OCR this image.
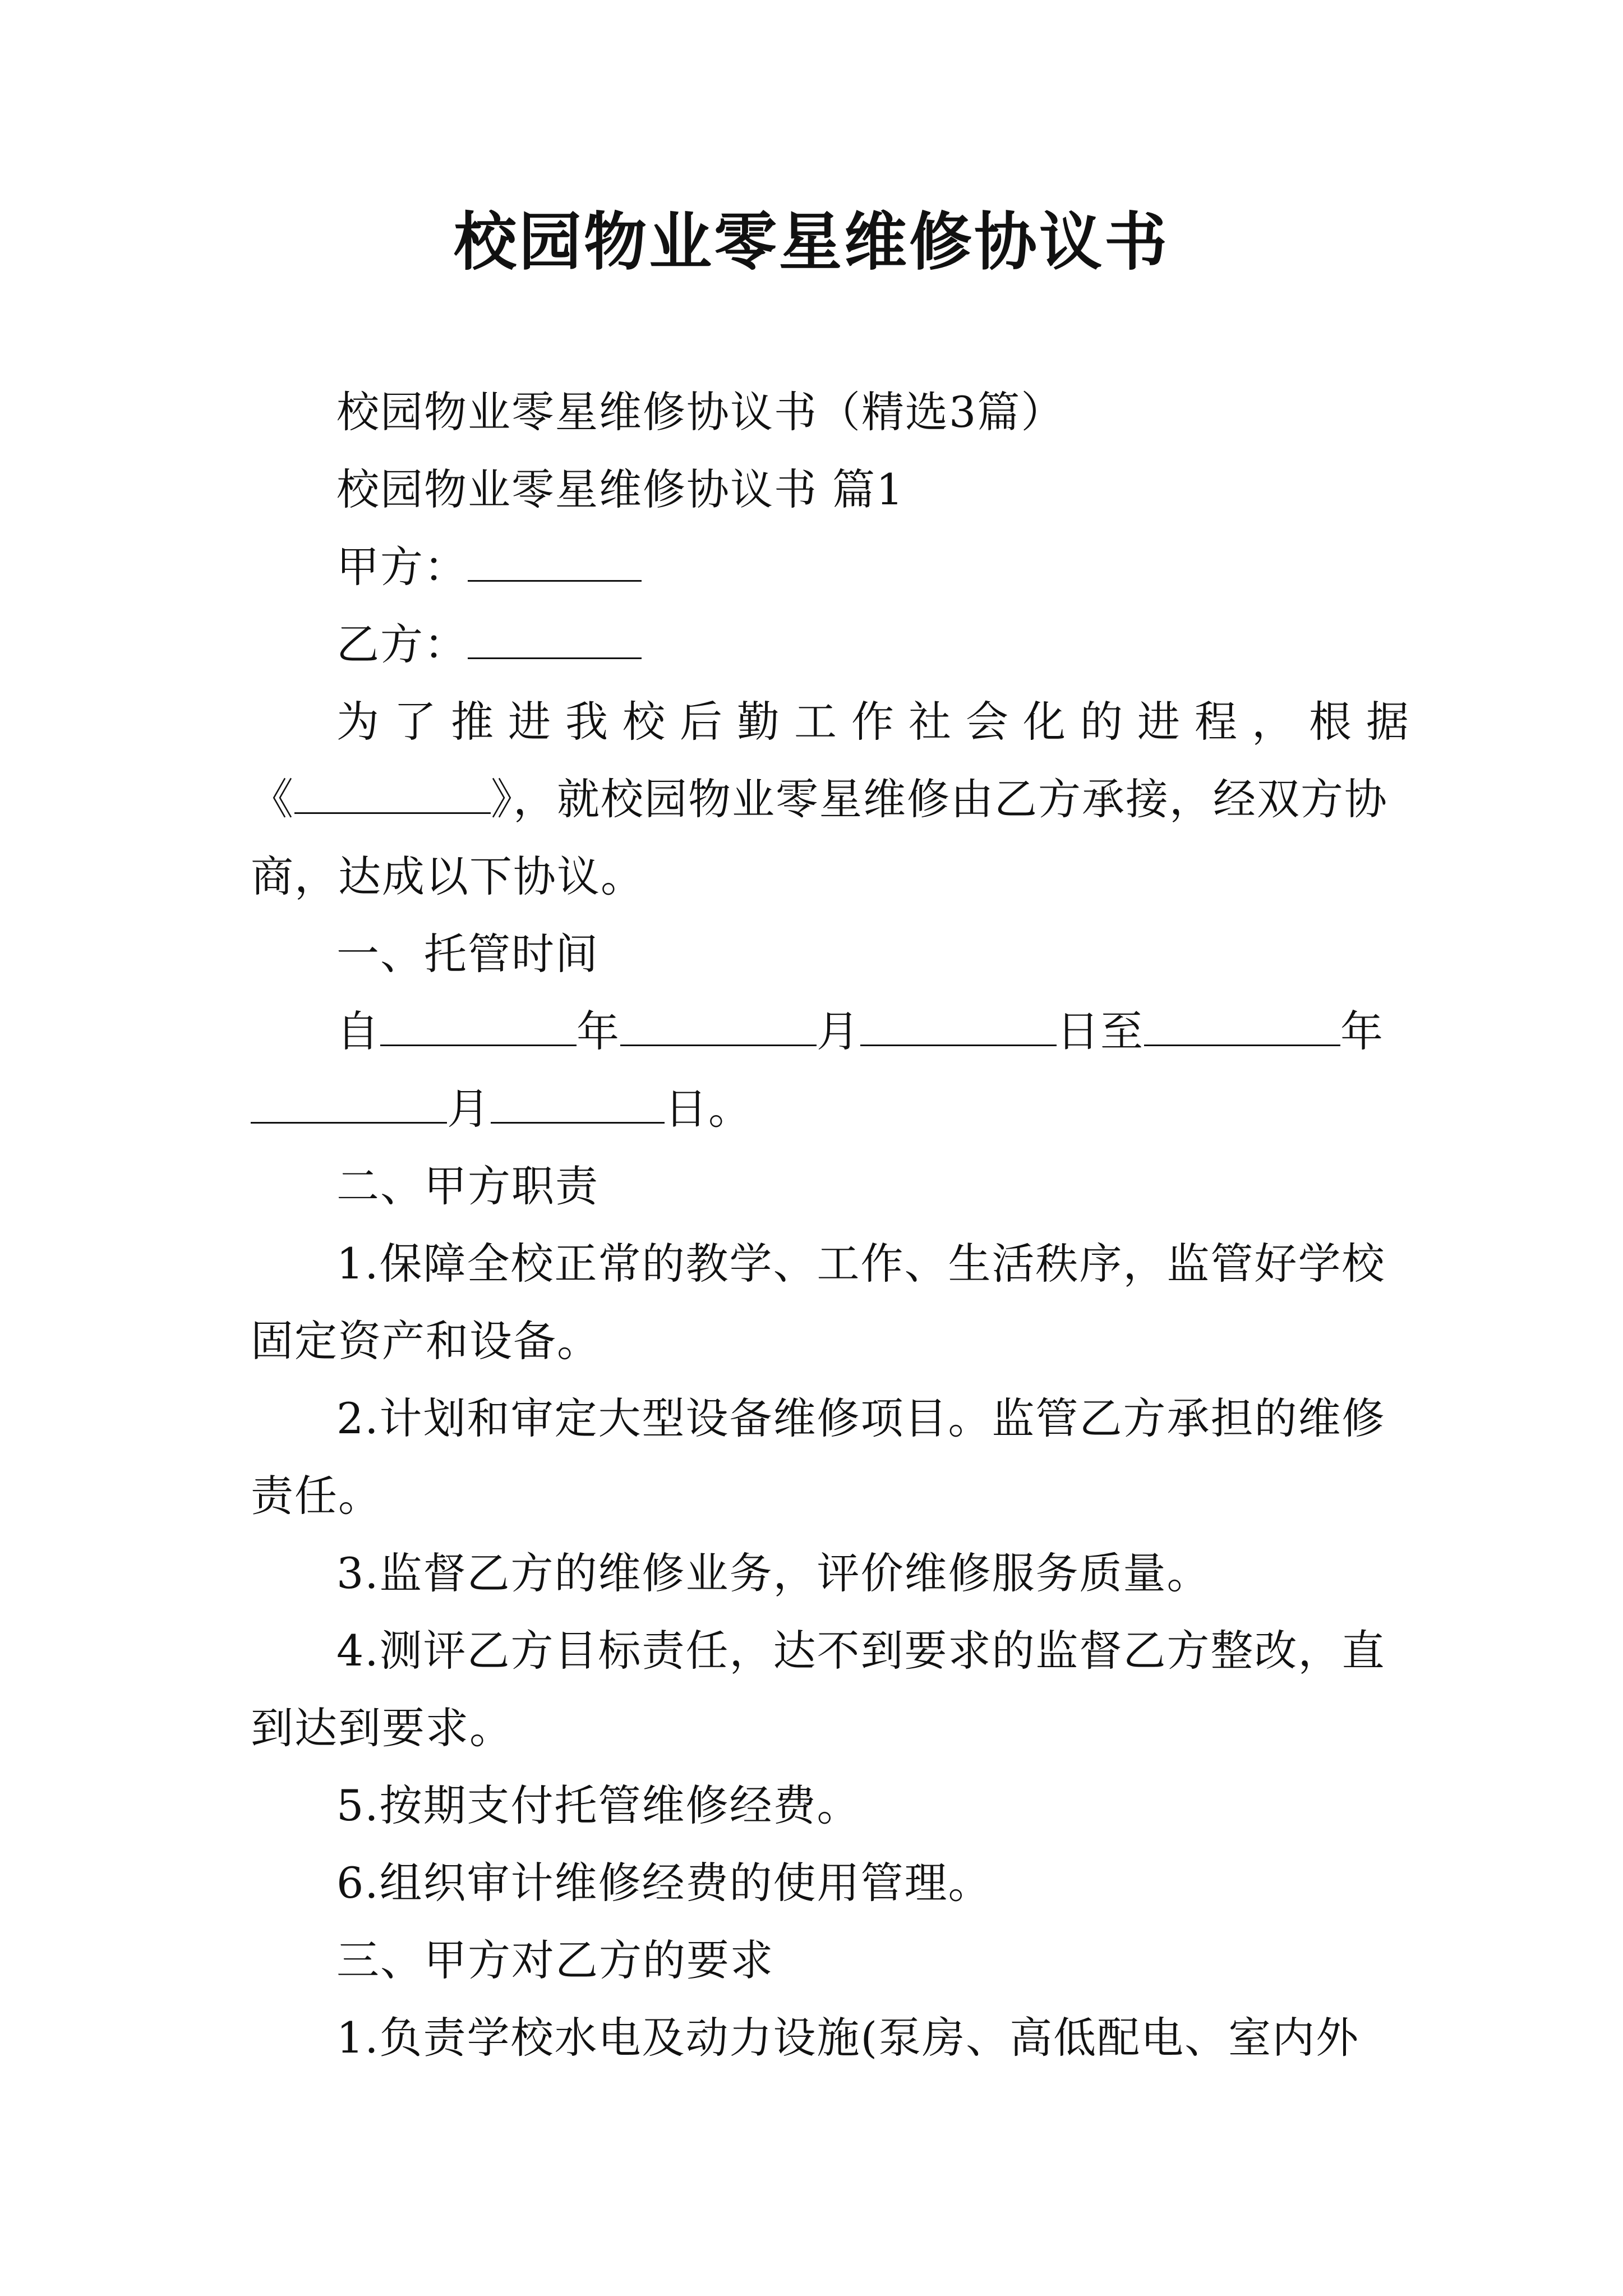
校园物业零星维修协议书
校园物业零星维修协议书（精选3篇）
校园物业零星维修协议书 篇1
甲方：
乙方：
为了推进我校后勤工作社会化的进程，根据
《	》，就校园物业零星维修由乙方承接，经双方协
商，达成以下协议。
一、托管时间
自	年	月	日至	年
月	日。
二、甲方职责
1.保障全校正常的教学、工作、生活秩序，监管好学校
固定资产和设备。
2.计划和审定大型设备维修项目。监管乙方承担的维修
责任。
3.监督乙方的维修业务，评价维修服务质量。
4.测评乙方目标责任，达不到要求的监督乙方整改，直
到达到要求。
5.按期支付托管维修经费。
6.组织审计维修经费的使用管理。
三、甲方对乙方的要求
1.负责学校水电及动力设施(泵房、高低配电、室内外
